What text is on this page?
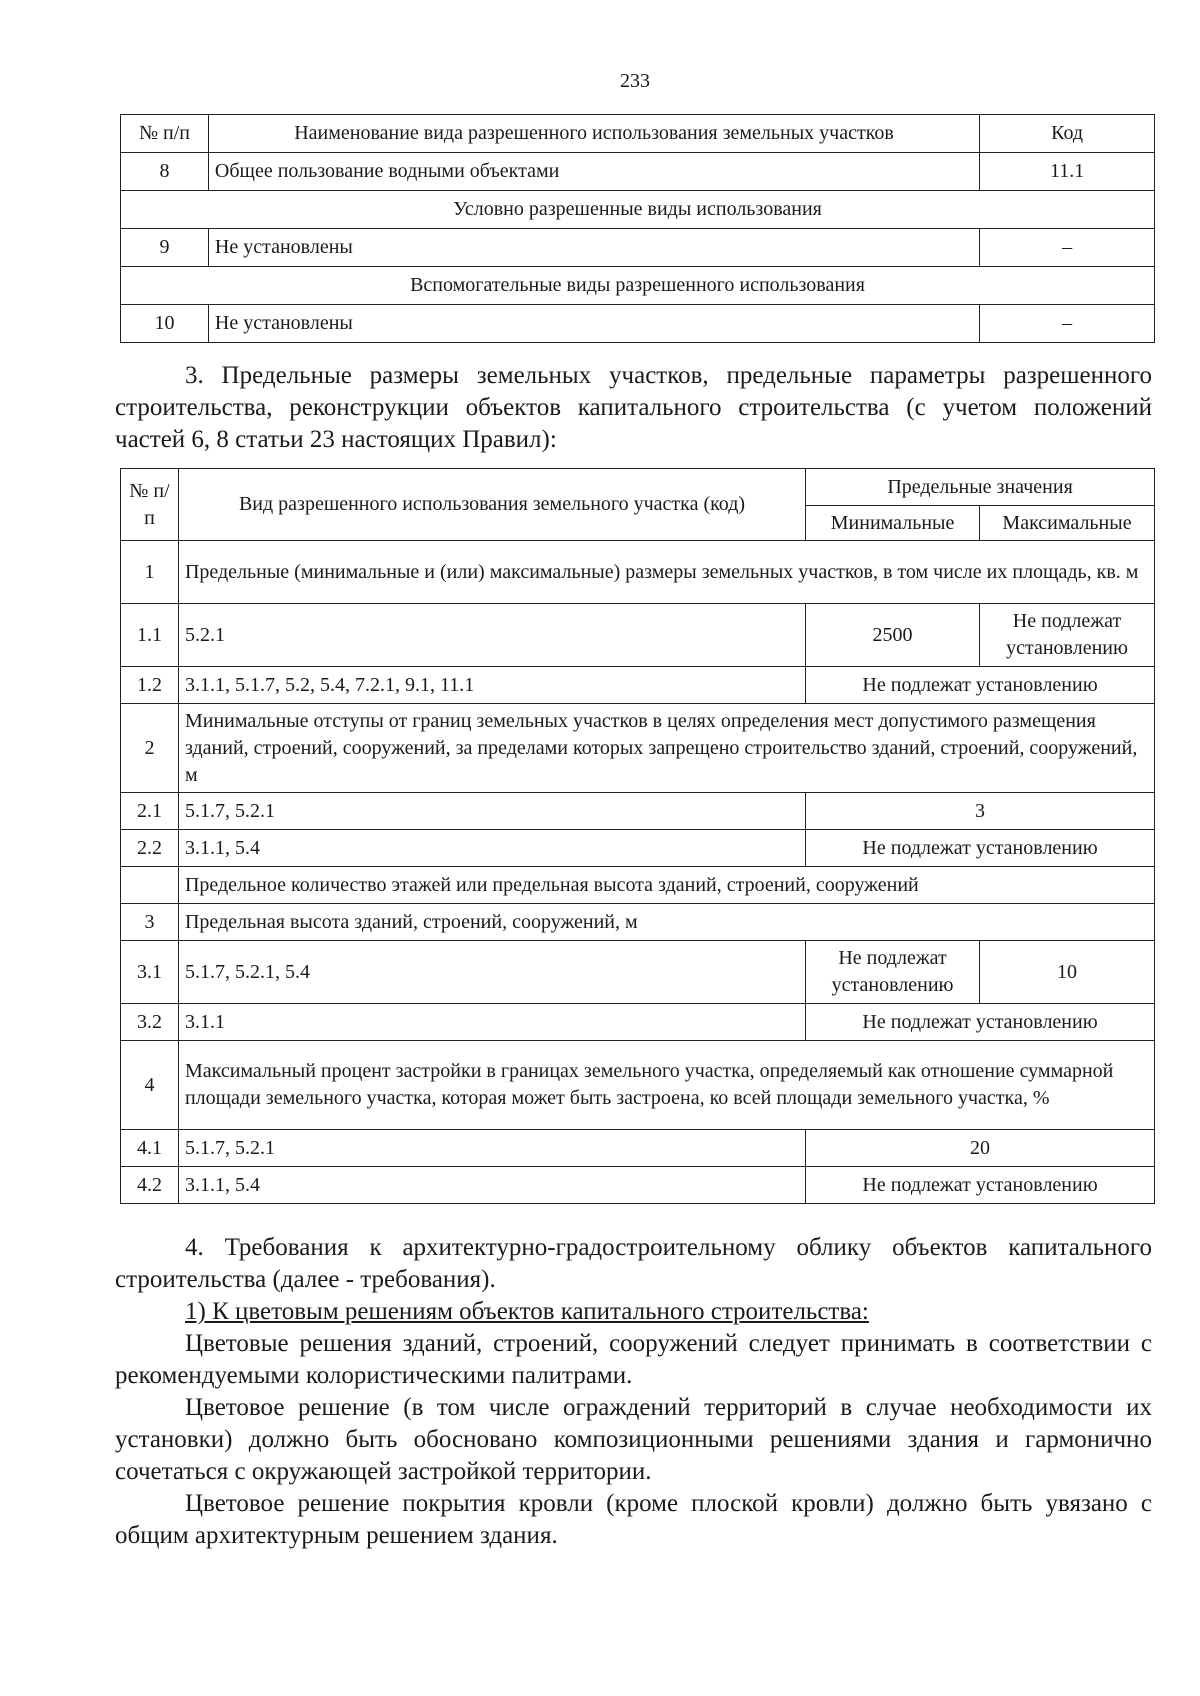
233
№ п/п	Наименование вида разрешенного использования земельных участков	Код
8	Общее пользование водными объектами	11.1
Условно разрешенные виды использования		
9	Не установлены	–
Вспомогательные виды разрешенного использования		
10	Не установлены	–

3. Предельные размеры земельных участков, предельные параметры разрешенного строительства, реконструкции объектов капитального строительства (с учетом положений частей 6, 8 статьи 23 настоящих Правил):

№ п/п	Вид разрешенного использования земельного участка (код)	Предельные значения	
		Минимальные	Максимальные
1	Предельные (минимальные и (или) максимальные) размеры земельных участков, в том числе их площадь, кв. м		
1.1	5.2.1	2500	Не подлежат установлению
1.2	3.1.1, 5.1.7, 5.2, 5.4, 7.2.1, 9.1, 11.1	Не подлежат установлению	
2	Минимальные отступы от границ земельных участков в целях определения мест допустимого размещения зданий, строений, сооружений, за пределами которых запрещено строительство зданий, строений, сооружений, м		
2.1	5.1.7, 5.2.1	3	
2.2	3.1.1, 5.4	Не подлежат установлению	
	Предельное количество этажей или предельная высота зданий, строений, сооружений		
3	Предельная высота зданий, строений, сооружений, м		
3.1	5.1.7, 5.2.1, 5.4	Не подлежат установлению	10
3.2	3.1.1	Не подлежат установлению	
4	Максимальный процент застройки в границах земельного участка, определяемый как отношение суммарной площади земельного участка, которая может быть застроена, ко всей площади земельного участка, %		
4.1	5.1.7, 5.2.1	20	
4.2	3.1.1, 5.4	Не подлежат установлению	

4. Требования к архитектурно-градостроительному облику объектов капитального строительства (далее - требования).

1) К цветовым решениям объектов капитального строительства:

Цветовые решения зданий, строений, сооружений следует принимать в соответствии с рекомендуемыми колористическими палитрами.

Цветовое решение (в том числе ограждений территорий в случае необходимости их установки) должно быть обосновано композиционными решениями здания и гармонично сочетаться с окружающей застройкой территории.

Цветовое решение покрытия кровли (кроме плоской кровли) должно быть увязано с общим архитектурным решением здания.
